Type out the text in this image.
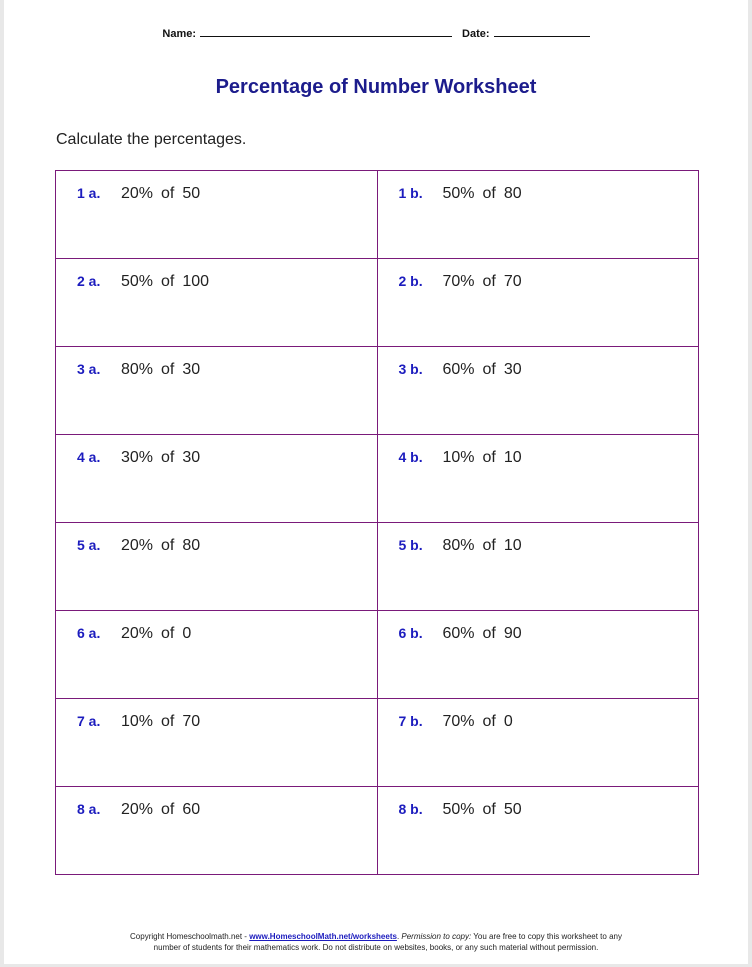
Name:	Date:
Percentage of Number Worksheet
Calculate the percentages.
1 a. 20% of 50	1 b. 50% of 80

2 a. 50% of 100	2 b. 70% of 70

3 a. 80% of 30	3 b. 60% of 30

4 a. 30% of 30	4 b. 10% of 10

5 a. 20% of 80	5 b. 80% of 10

6 a. 20% of 0	6 b. 60% of 90

7 a. 10% of 70	7 b. 70% of 0

8 a. 20% of 60	8 b. 50% of 50
Copyright Homeschoolmath.net - www.HomeschoolMath.net/worksheets. Permission to copy: You are free to copy this worksheet to any
number of students for their mathematics work. Do not distribute on websites, books, or any such material without permission.
